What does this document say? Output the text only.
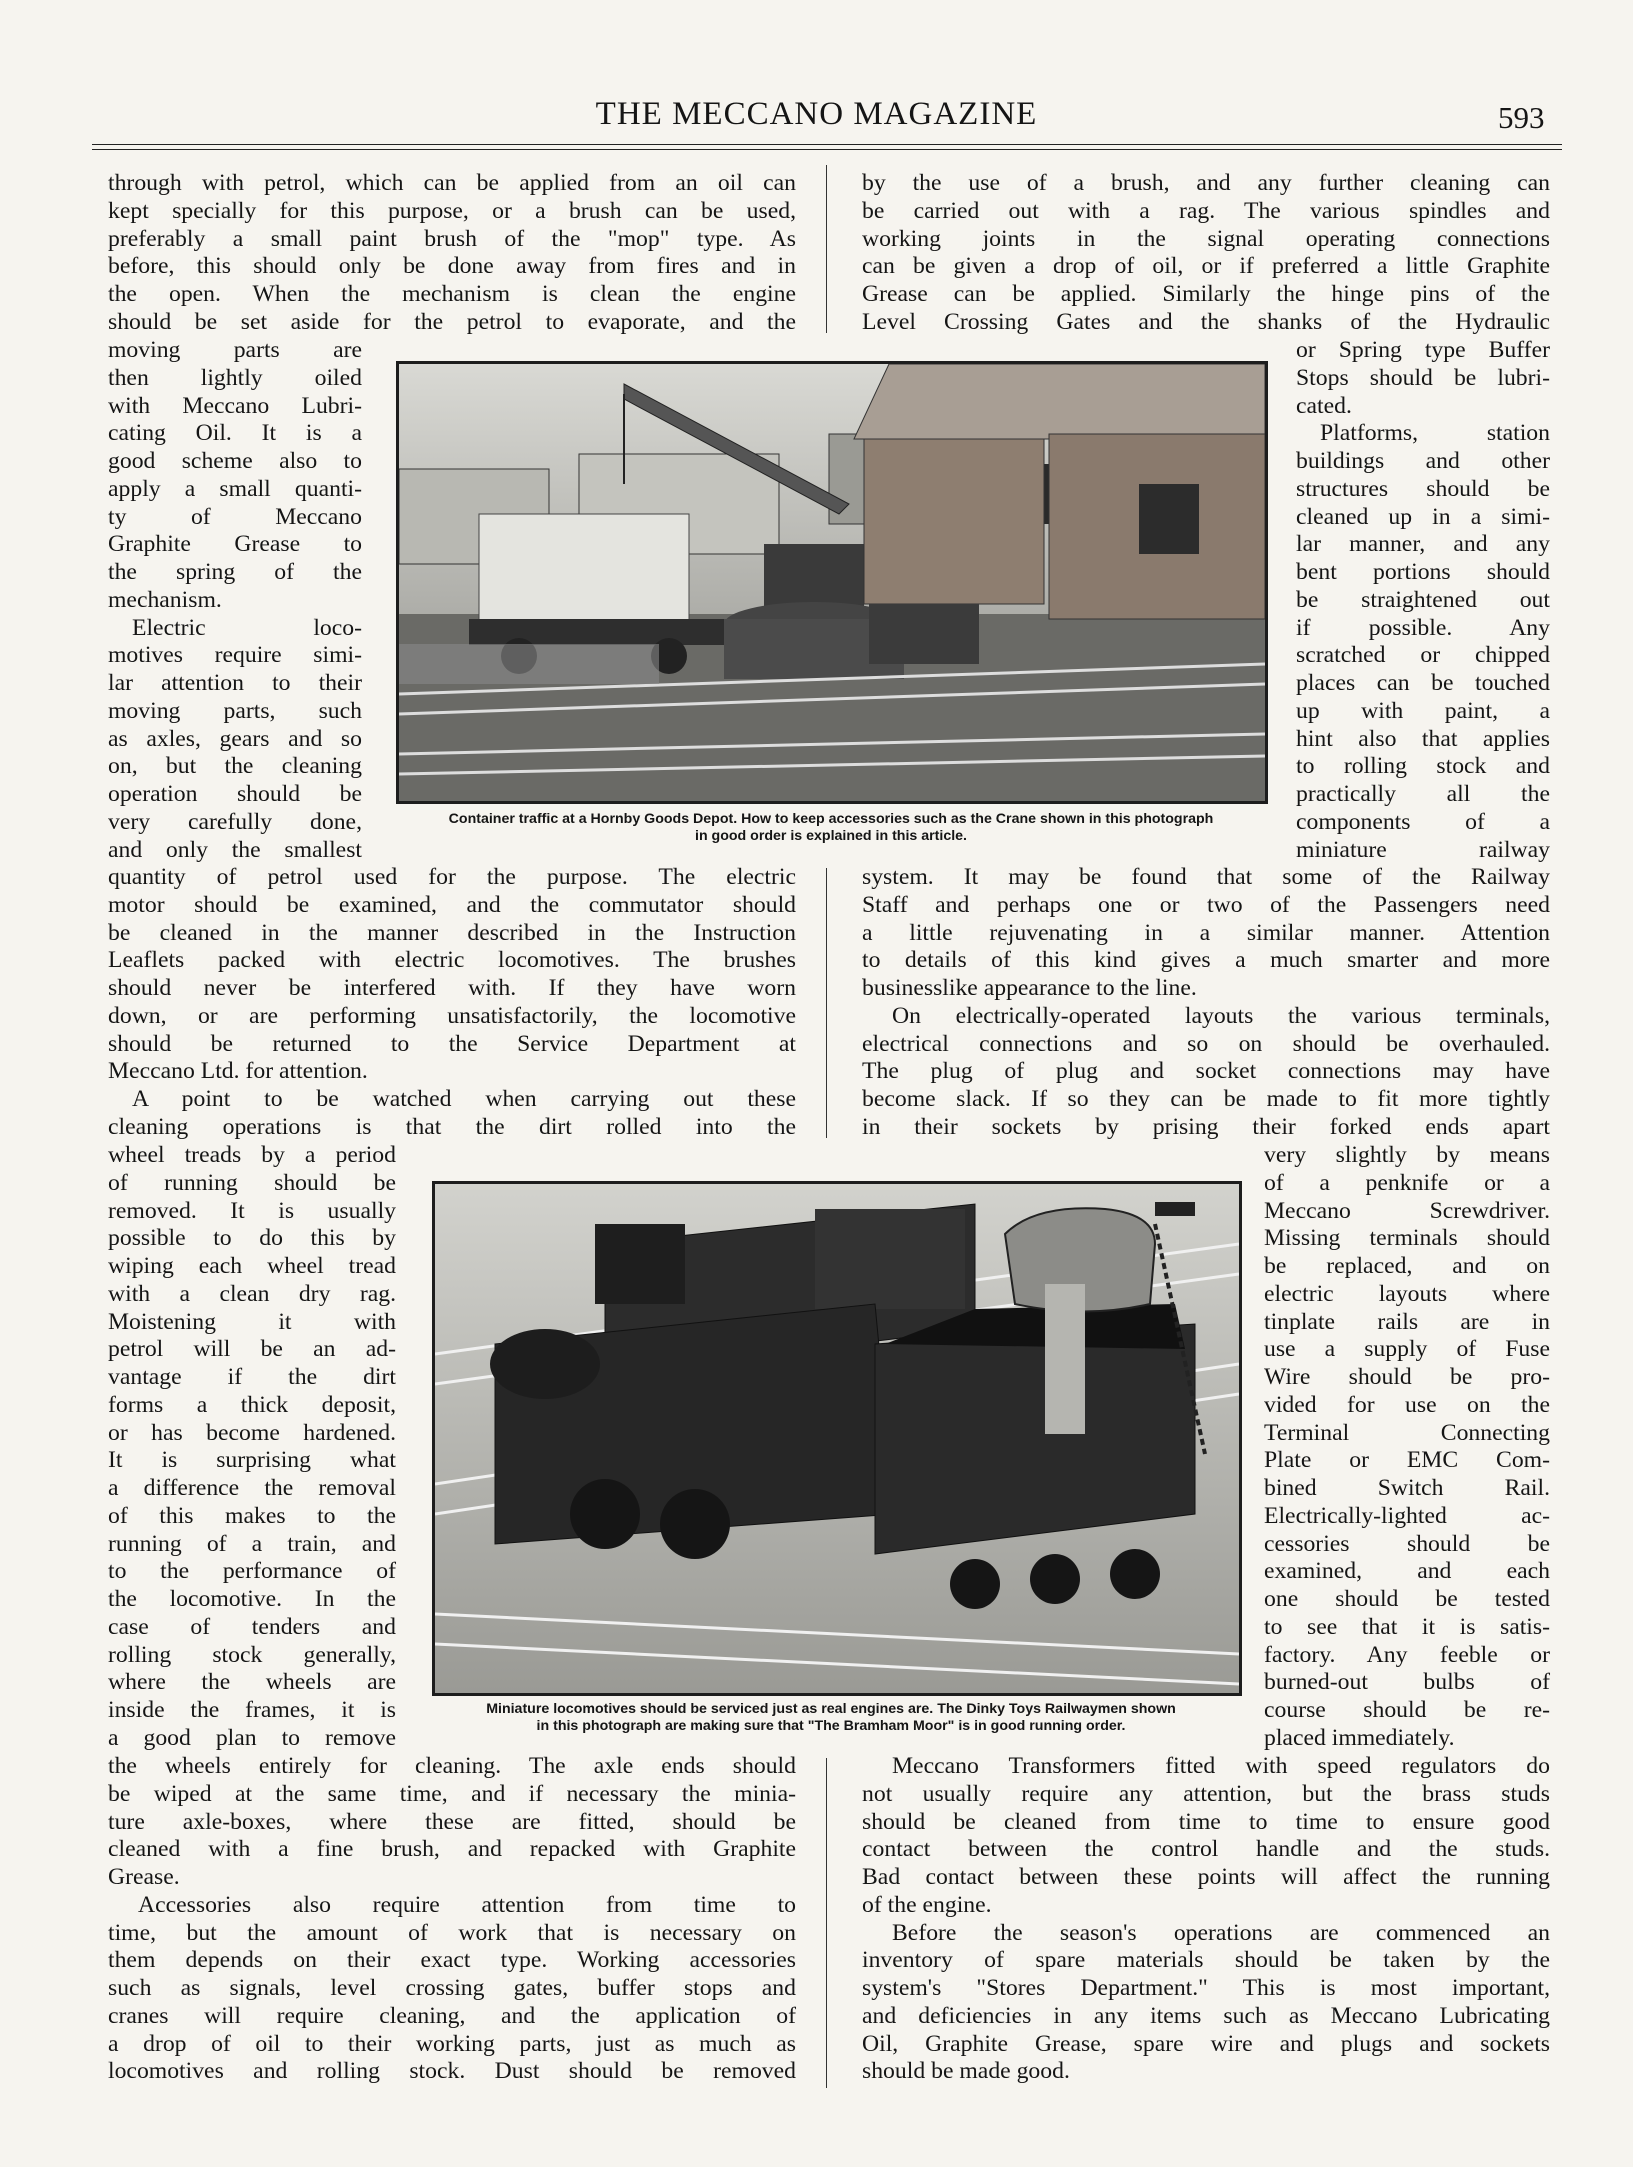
THE MECCANO MAGAZINE	593

through with petrol, which can be applied from an oil can

kept specially for this purpose, or a brush can be used,

preferably a small paint brush of the "mop" type. As

before, this should only be done away from fires and in

the open. When the mechanism is clean the engine

should be set aside for the petrol to evaporate, and the

by the use of a brush, and any further cleaning can

be carried out with a rag. The various spindles and

working joints in the signal operating connections

can be given a drop of oil, or if preferred a little Graphite

Grease can be applied. Similarly the hinge pins of the

Level Crossing Gates and the shanks of the Hydraulic

moving parts are

then lightly oiled

with Meccano Lubri-

cating Oil. It is a

good scheme also to

apply a small quanti-

ty of Meccano

Graphite Grease to

the spring of the

mechanism.

Electric loco-

motives require simi-

lar attention to their

moving parts, such

as axles, gears and so

on, but the cleaning

operation should be

very carefully done,

and only the smallest

or Spring type Buffer

Stops should be lubri-

cated.

Platforms, station

buildings and other

structures should be

cleaned up in a simi-

lar manner, and any

bent portions should

be straightened out

if possible. Any

scratched or chipped

places can be touched

up with paint, a

hint also that applies

to rolling stock and

practically all the

components of a

miniature railway

quantity of petrol used for the purpose. The electric

motor should be examined, and the commutator should

be cleaned in the manner described in the Instruction

Leaflets packed with electric locomotives. The brushes

should never be interfered with. If they have worn

down, or are performing unsatisfactorily, the locomotive

should be returned to the Service Department at

Meccano Ltd. for attention.

A point to be watched when carrying out these

cleaning operations is that the dirt rolled into the

system. It may be found that some of the Railway

Staff and perhaps one or two of the Passengers need

a little rejuvenating in a similar manner. Attention

to details of this kind gives a much smarter and more

businesslike appearance to the line.

On electrically-operated layouts the various terminals,

electrical connections and so on should be overhauled.

The plug of plug and socket connections may have

become slack. If so they can be made to fit more tightly

in their sockets by prising their forked ends apart

wheel treads by a period

of running should be

removed. It is usually

possible to do this by

wiping each wheel tread

with a clean dry rag.

Moistening it with

petrol will be an ad-

vantage if the dirt

forms a thick deposit,

or has become hardened.

It is surprising what

a difference the removal

of this makes to the

running of a train, and

to the performance of

the locomotive. In the

case of tenders and

rolling stock generally,

where the wheels are

inside the frames, it is

a good plan to remove

very slightly by means

of a penknife or a

Meccano Screwdriver.

Missing terminals should

be replaced, and on

electric layouts where

tinplate rails are in

use a supply of Fuse

Wire should be pro-

vided for use on the

Terminal Connecting

Plate or EMC Com-

bined Switch Rail.

Electrically-lighted ac-

cessories should be

examined, and each

one should be tested

to see that it is satis-

factory. Any feeble or

burned-out bulbs of

course should be re-

placed immediately.

the wheels entirely for cleaning. The axle ends should

be wiped at the same time, and if necessary the minia-

ture axle-boxes, where these are fitted, should be

cleaned with a fine brush, and repacked with Graphite

Grease.

Accessories also require attention from time to

time, but the amount of work that is necessary on

them depends on their exact type. Working accessories

such as signals, level crossing gates, buffer stops and

cranes will require cleaning, and the application of

a drop of oil to their working parts, just as much as

locomotives and rolling stock. Dust should be removed

Meccano Transformers fitted with speed regulators do

not usually require any attention, but the brass studs

should be cleaned from time to time to ensure good

contact between the control handle and the studs.

Bad contact between these points will affect the running

of the engine.

Before the season's operations are commenced an

inventory of spare materials should be taken by the

system's "Stores Department." This is most important,

and deficiencies in any items such as Meccano Lubricating

Oil, Graphite Grease, spare wire and plugs and sockets

should be made good.

Container traffic at a Hornby Goods Depot. How to keep accessories such as the Crane shown in this photograph
in good order is explained in this article.
Miniature locomotives should be serviced just as real engines are. The Dinky Toys Railwaymen shown
in this photograph are making sure that "The Bramham Moor" is in good running order.
